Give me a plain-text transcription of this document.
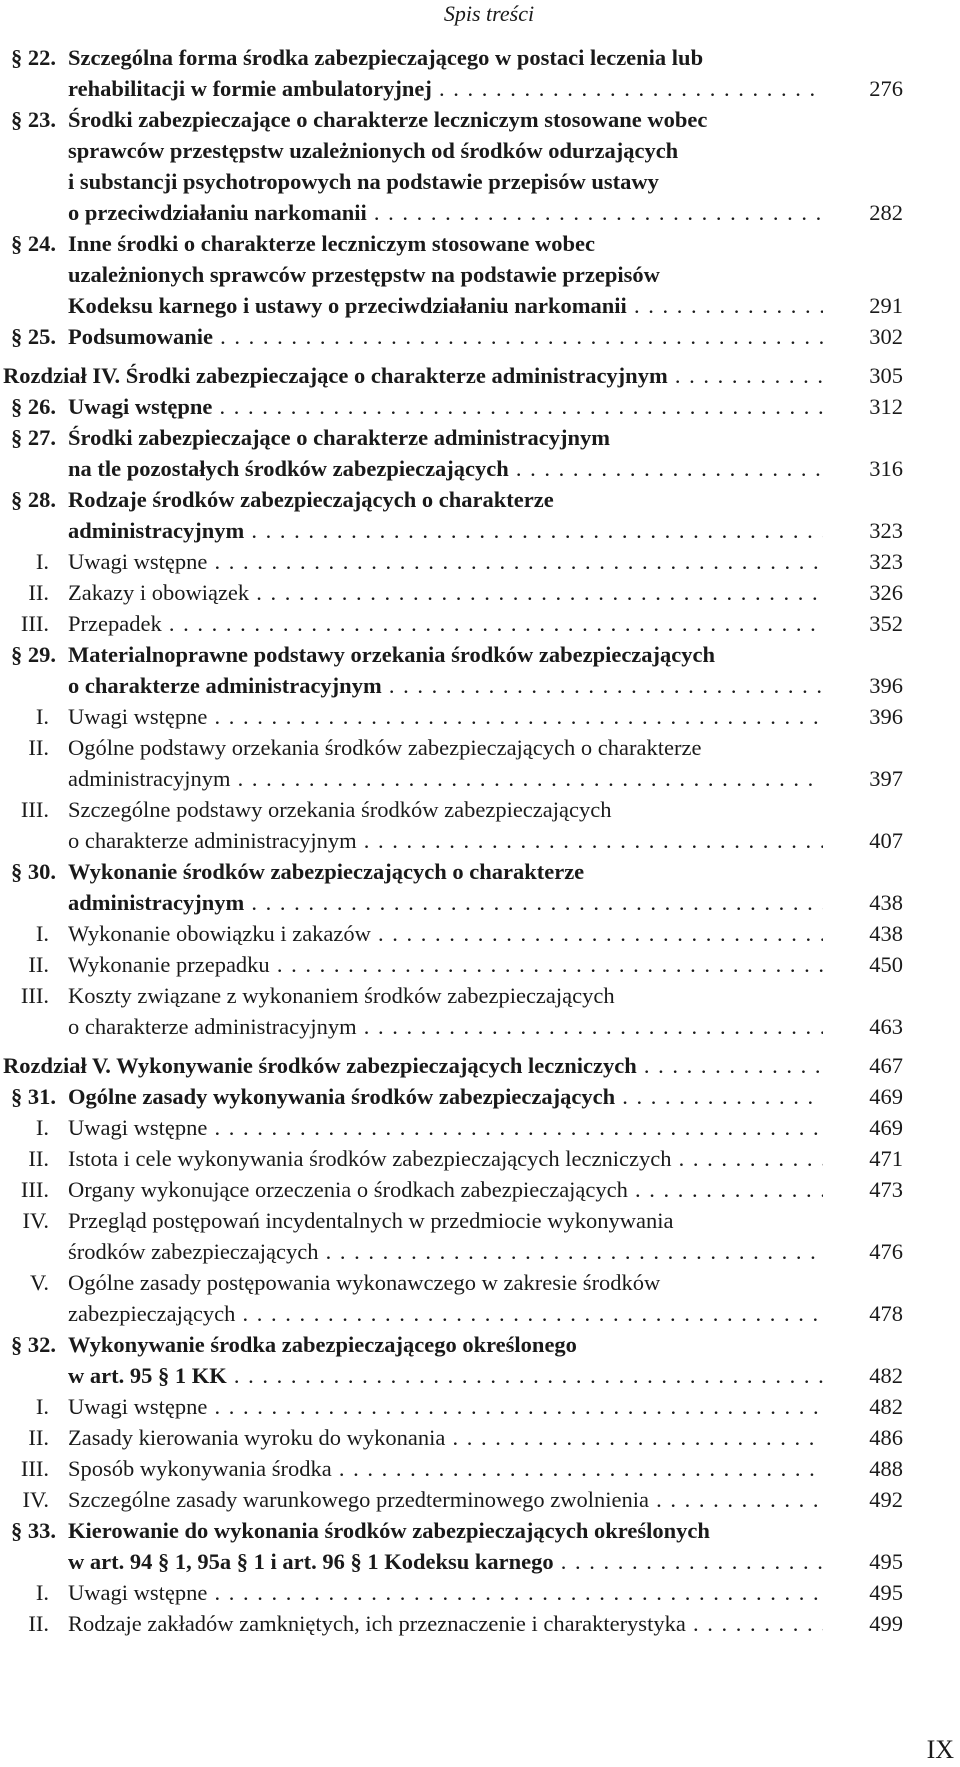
Spis treści
§ 22. Szczególna forma środka zabezpieczającego w postaci leczenia lub
rehabilitacji w formie ambulatoryjnej . . .	276
§ 23. Środki zabezpieczające o charakterze leczniczym stosowane wobec
sprawców przestępstw uzależnionych od środków odurzających
i substancji psychotropowych na podstawie przepisów ustawy
o przeciwdziałaniu narkomanii . . .	282
§ 24. Inne środki o charakterze leczniczym stosowane wobec
uzależnionych sprawców przestępstw na podstawie przepisów
Kodeksu karnego i ustawy o przeciwdziałaniu narkomanii . . .	291
§ 25. Podsumowanie . . .	302
Rozdział IV. Środki zabezpieczające o charakterze administracyjnym . . .	305
§ 26. Uwagi wstępne . . .	312
§ 27. Środki zabezpieczające o charakterze administracyjnym
na tle pozostałych środków zabezpieczających . . .	316
§ 28. Rodzaje środków zabezpieczających o charakterze
administracyjnym . . .	323
I. Uwagi wstępne . . .	323
II. Zakazy i obowiązek . . .	326
III. Przepadek . . .	352
§ 29. Materialnoprawne podstawy orzekania środków zabezpieczających
o charakterze administracyjnym . . .	396
I. Uwagi wstępne . . .	396
II. Ogólne podstawy orzekania środków zabezpieczających o charakterze
administracyjnym . . .	397
III. Szczególne podstawy orzekania środków zabezpieczających
o charakterze administracyjnym . . .	407
§ 30. Wykonanie środków zabezpieczających o charakterze
administracyjnym . . .	438
I. Wykonanie obowiązku i zakazów . . .	438
II. Wykonanie przepadku . . .	450
III. Koszty związane z wykonaniem środków zabezpieczających
o charakterze administracyjnym . . .	463
Rozdział V. Wykonywanie środków zabezpieczających leczniczych . . .	467
§ 31. Ogólne zasady wykonywania środków zabezpieczających . . .	469
I. Uwagi wstępne . . .	469
II. Istota i cele wykonywania środków zabezpieczających leczniczych . . .	471
III. Organy wykonujące orzeczenia o środkach zabezpieczających . . .	473
IV. Przegląd postępowań incydentalnych w przedmiocie wykonywania
środków zabezpieczających . . .	476
V. Ogólne zasady postępowania wykonawczego w zakresie środków
zabezpieczających . . .	478
§ 32. Wykonywanie środka zabezpieczającego określonego
w art. 95 § 1 KK . . .	482
I. Uwagi wstępne . . .	482
II. Zasady kierowania wyroku do wykonania . . .	486
III. Sposób wykonywania środka . . .	488
IV. Szczególne zasady warunkowego przedterminowego zwolnienia . . .	492
§ 33. Kierowanie do wykonania środków zabezpieczających określonych
w art. 94 § 1, 95a § 1 i art. 96 § 1 Kodeksu karnego . . .	495
I. Uwagi wstępne . . .	495
II. Rodzaje zakładów zamkniętych, ich przeznaczenie i charakterystyka . . .	499
IX
